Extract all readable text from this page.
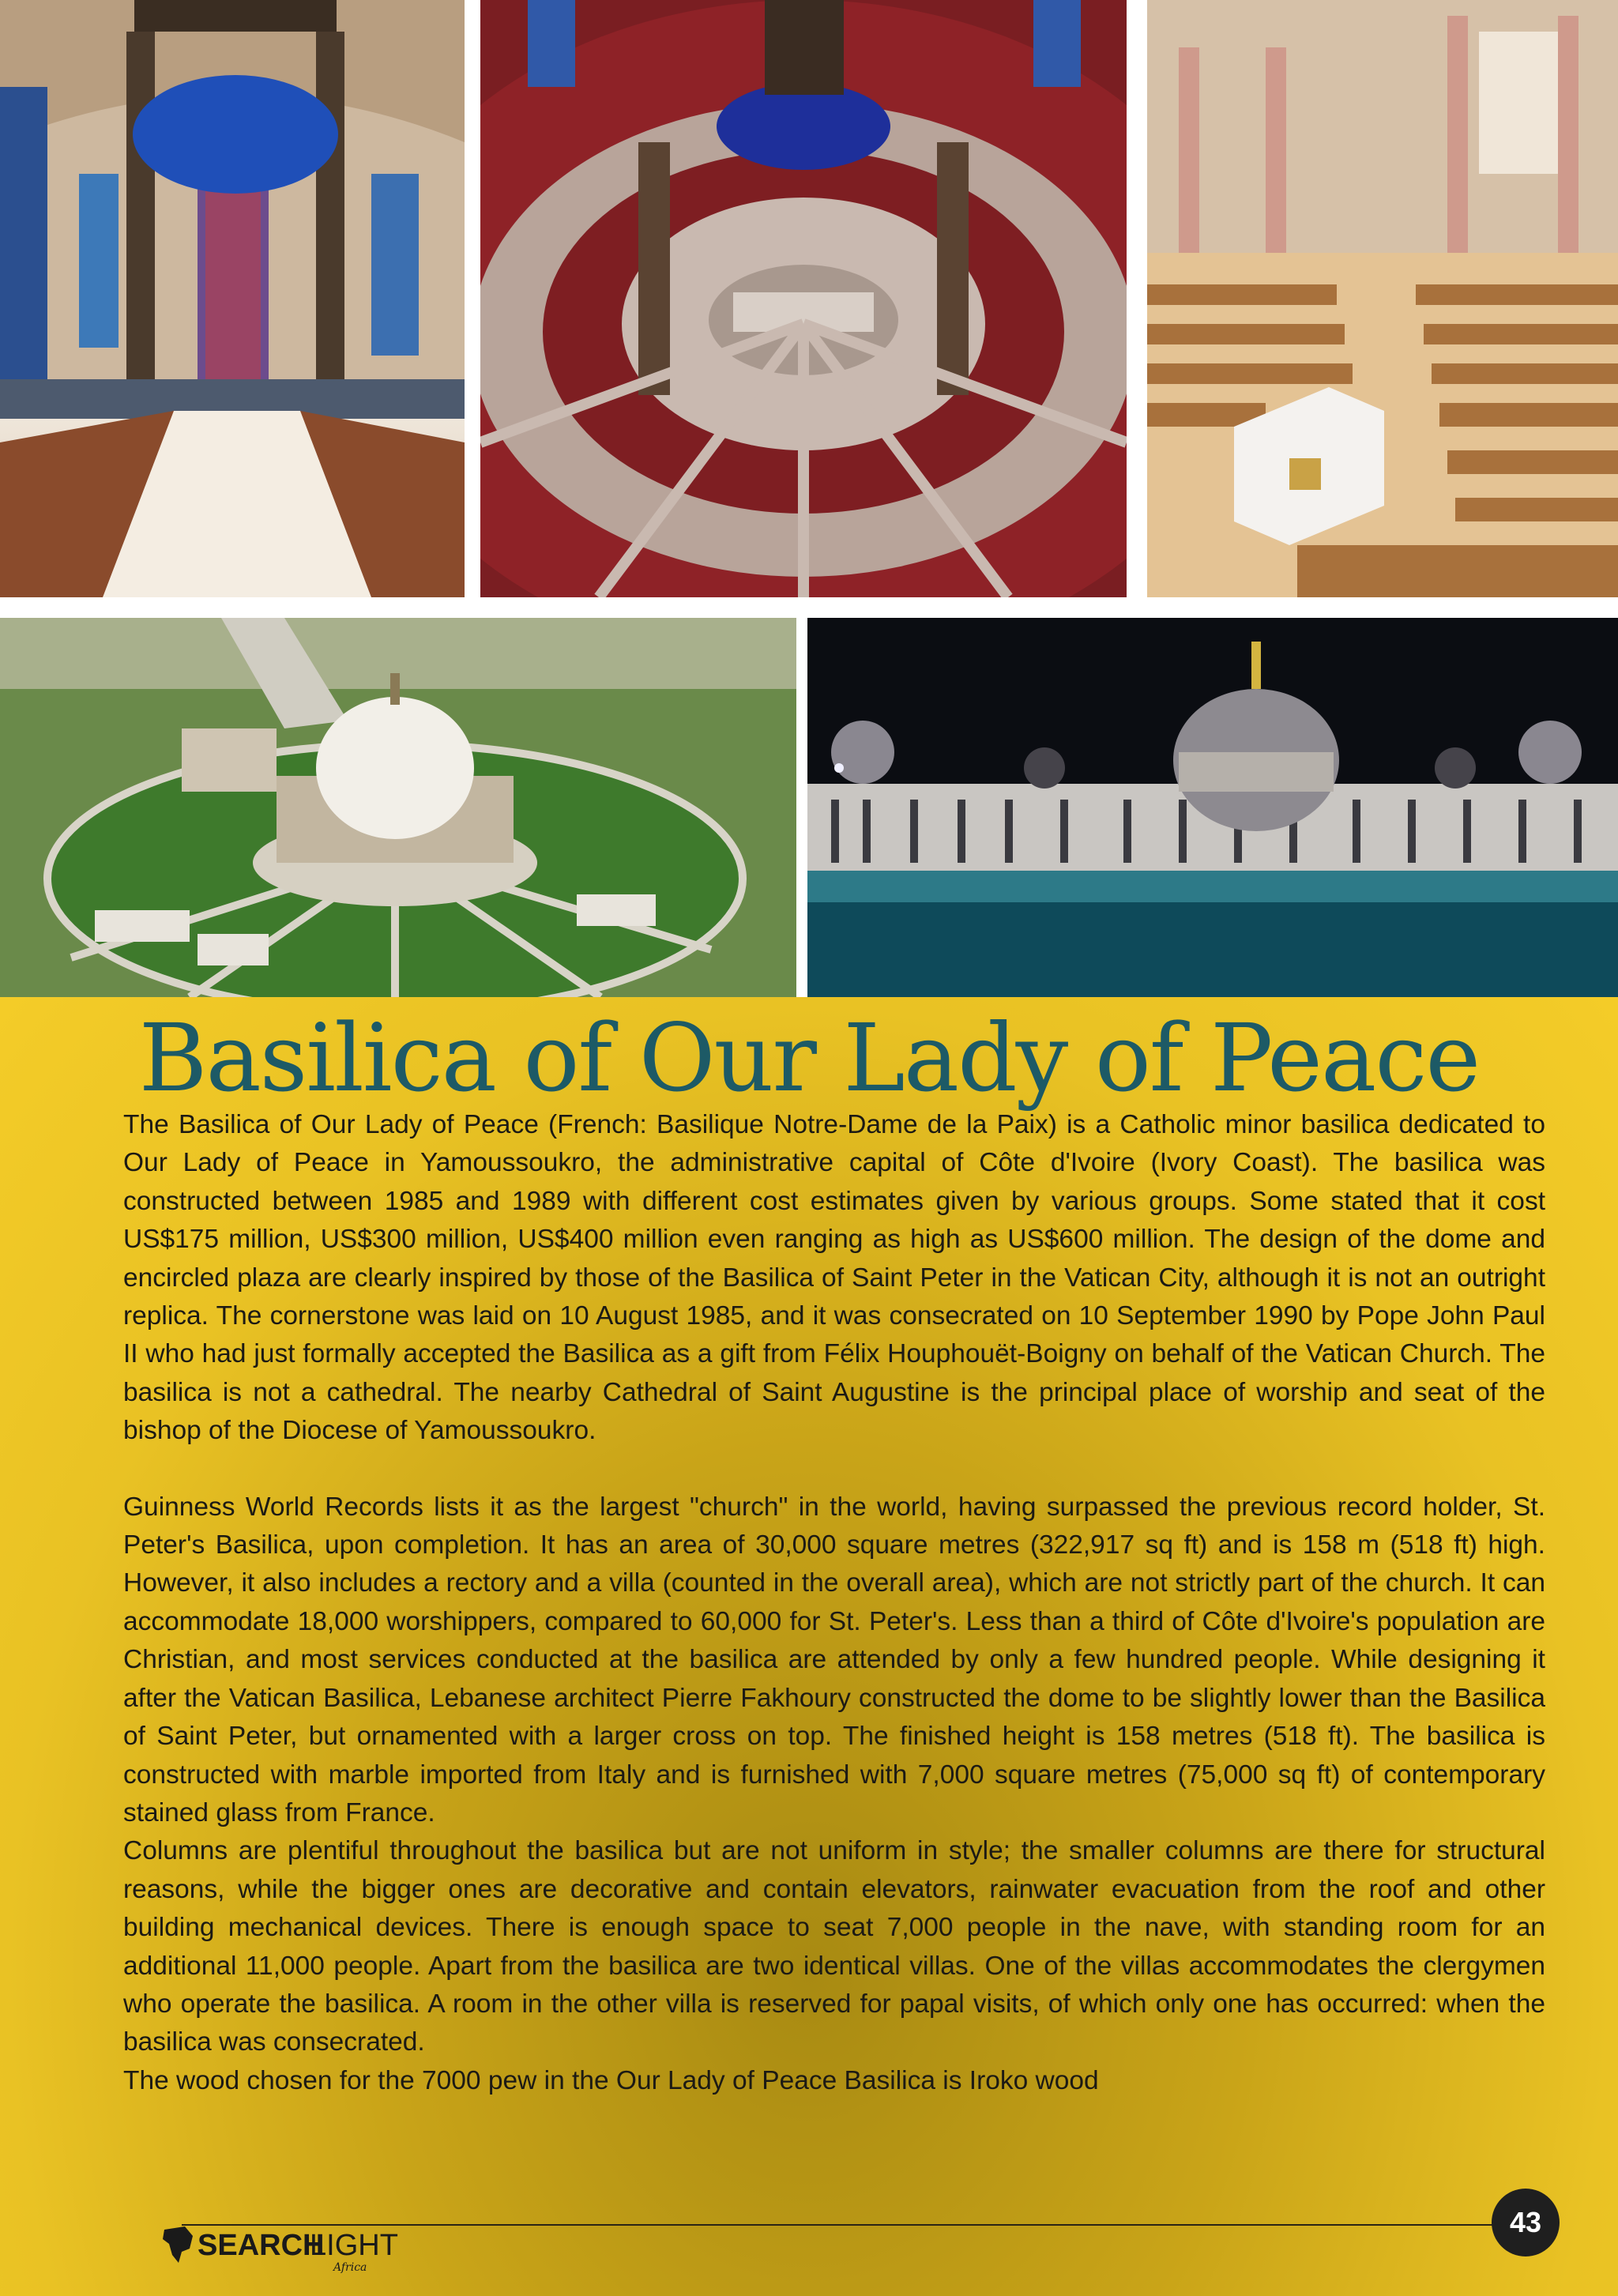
Basilica of Our Lady of Peace

The Basilica of Our Lady of Peace (French: Basilique Notre-Dame de la Paix) is a Catholic minor basilica dedicated to Our Lady of Peace in Yamoussoukro, the administrative capital of Côte d'Ivoire (Ivory Coast). The basilica was constructed between 1985 and 1989 with different cost estimates given by various groups. Some stated that it cost US$175 million, US$300 million, US$400 million even ranging as high as US$600 million. The design of the dome and encircled plaza are clearly inspired by those of the Basilica of Saint Peter in the Vatican City, although it is not an outright replica. The cornerstone was laid on 10 August 1985, and it was consecrated on 10 September 1990 by Pope John Paul II who had just formally accepted the Basilica as a gift from Félix Houphouët-Boigny on behalf of the Vatican Church. The basilica is not a cathedral. The nearby Cathedral of Saint Augustine is the principal place of worship and seat of the bishop of the Diocese of Yamoussoukro.

Guinness World Records lists it as the largest "church" in the world, having surpassed the previous record holder, St. Peter's Basilica, upon completion. It has an area of 30,000 square metres (322,917 sq ft) and is 158 m (518 ft) high. However, it also includes a rectory and a villa (counted in the overall area), which are not strictly part of the church. It can accommodate 18,000 worshippers, compared to 60,000 for St. Peter's. Less than a third of Côte d'Ivoire's population are Christian, and most services conducted at the basilica are attended by only a few hundred people. While designing it after the Vatican Basilica, Lebanese architect Pierre Fakhoury constructed the dome to be slightly lower than the Basilica of Saint Peter, but ornamented with a larger cross on top. The finished height is 158 metres (518 ft). The basilica is constructed with marble imported from Italy and is furnished with 7,000 square metres (75,000 sq ft) of contemporary stained glass from France.

Columns are plentiful throughout the basilica but are not uniform in style; the smaller columns are there for structural reasons, while the bigger ones are decorative and contain elevators, rainwater evacuation from the roof and other building mechanical devices. There is enough space to seat 7,000 people in the nave, with standing room for an additional 11,000 people. Apart from the basilica are two identical villas. One of the villas accommodates the clergymen who operate the basilica. A room in the other villa is reserved for papal visits, of which only one has occurred: when the basilica was consecrated.

The wood chosen for the 7000 pew in the Our Lady of Peace Basilica is Iroko wood

SEARCH
LIGHT
Africa
43
